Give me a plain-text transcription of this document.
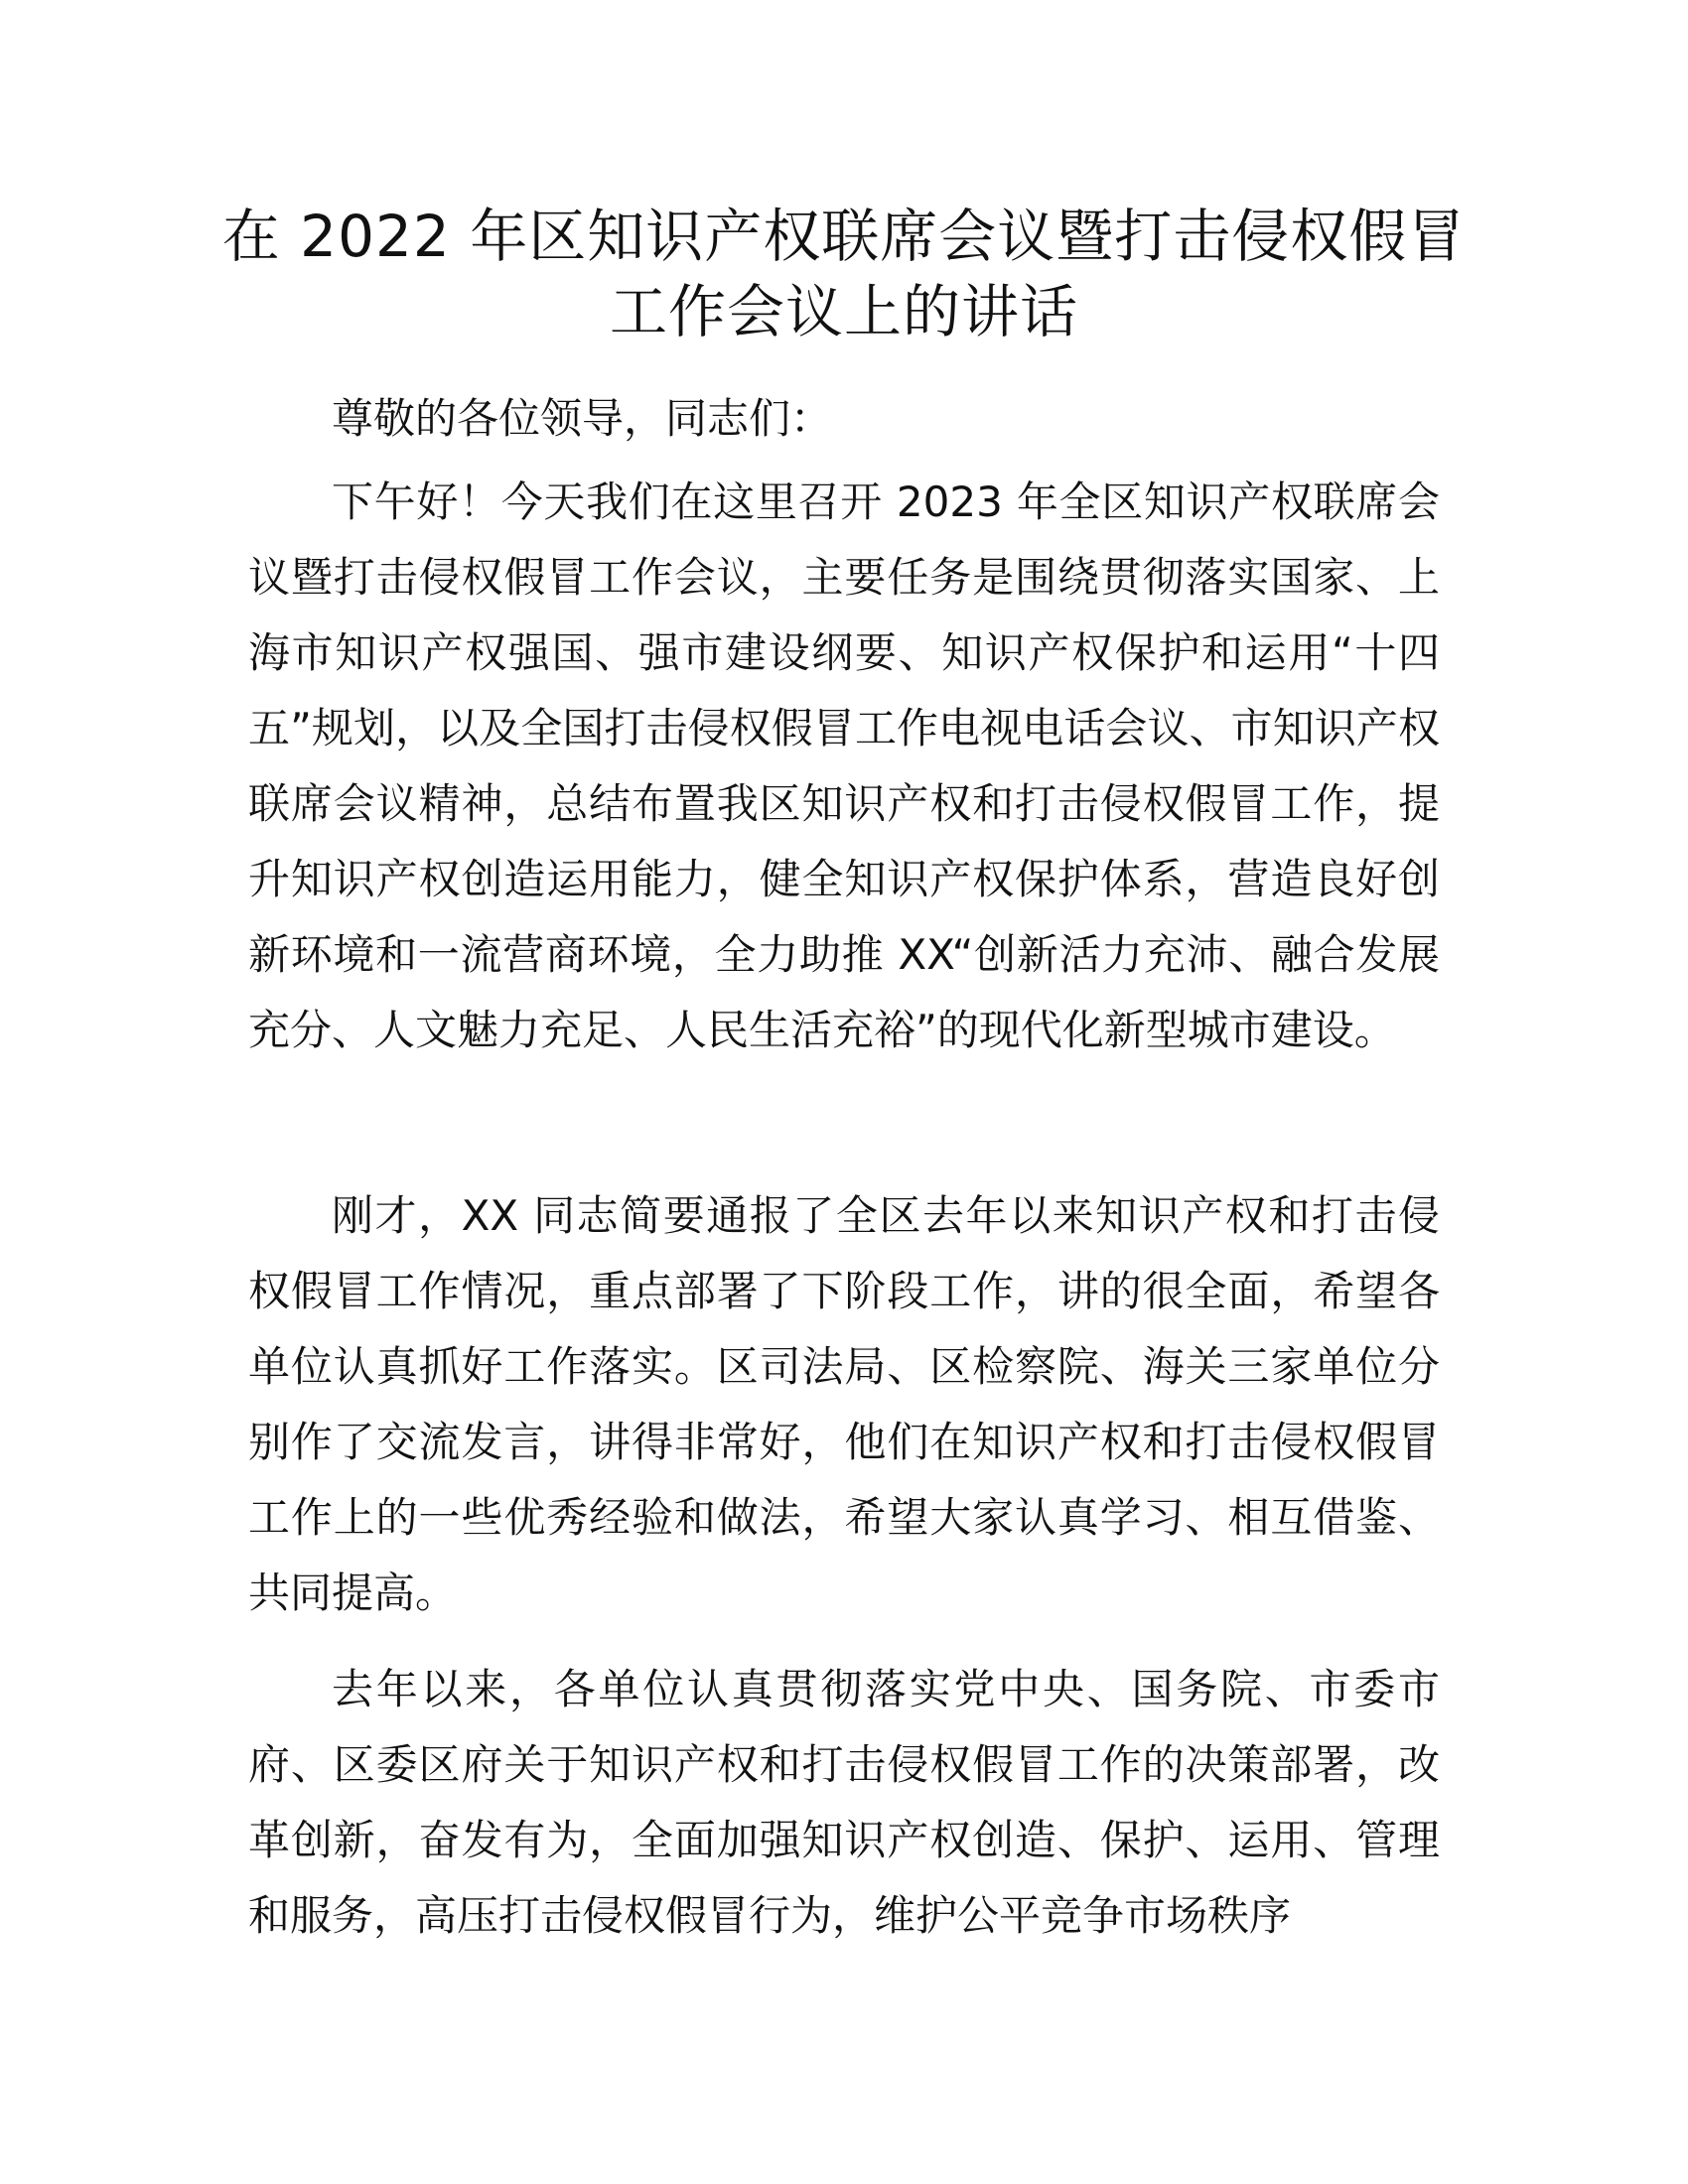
在 2022 年区知识产权联席会议暨打击侵权假冒
工作会议上的讲话

尊敬的各位领导，同志们：

下午好！今天我们在这里召开 2023 年全区知识产权联席会议暨打击侵权假冒工作会议，主要任务是围绕贯彻落实国家、上海市知识产权强国、强市建设纲要、知识产权保护和运用“十四五”规划，以及全国打击侵权假冒工作电视电话会议、市知识产权联席会议精神，总结布置我区知识产权和打击侵权假冒工作，提升知识产权创造运用能力，健全知识产权保护体系，营造良好创新环境和一流营商环境，全力助推 XX“创新活力充沛、融合发展充分、人文魅力充足、人民生活充裕”的现代化新型城市建设。

刚才，XX 同志简要通报了全区去年以来知识产权和打击侵权假冒工作情况，重点部署了下阶段工作，讲的很全面，希望各单位认真抓好工作落实。区司法局、区检察院、海关三家单位分别作了交流发言，讲得非常好，他们在知识产权和打击侵权假冒工作上的一些优秀经验和做法，希望大家认真学习、相互借鉴、共同提高。

去年以来，各单位认真贯彻落实党中央、国务院、市委市府、区委区府关于知识产权和打击侵权假冒工作的决策部署，改革创新，奋发有为，全面加强知识产权创造、保护、运用、管理和服务，高压打击侵权假冒行为，维护公平竞争市场秩序
